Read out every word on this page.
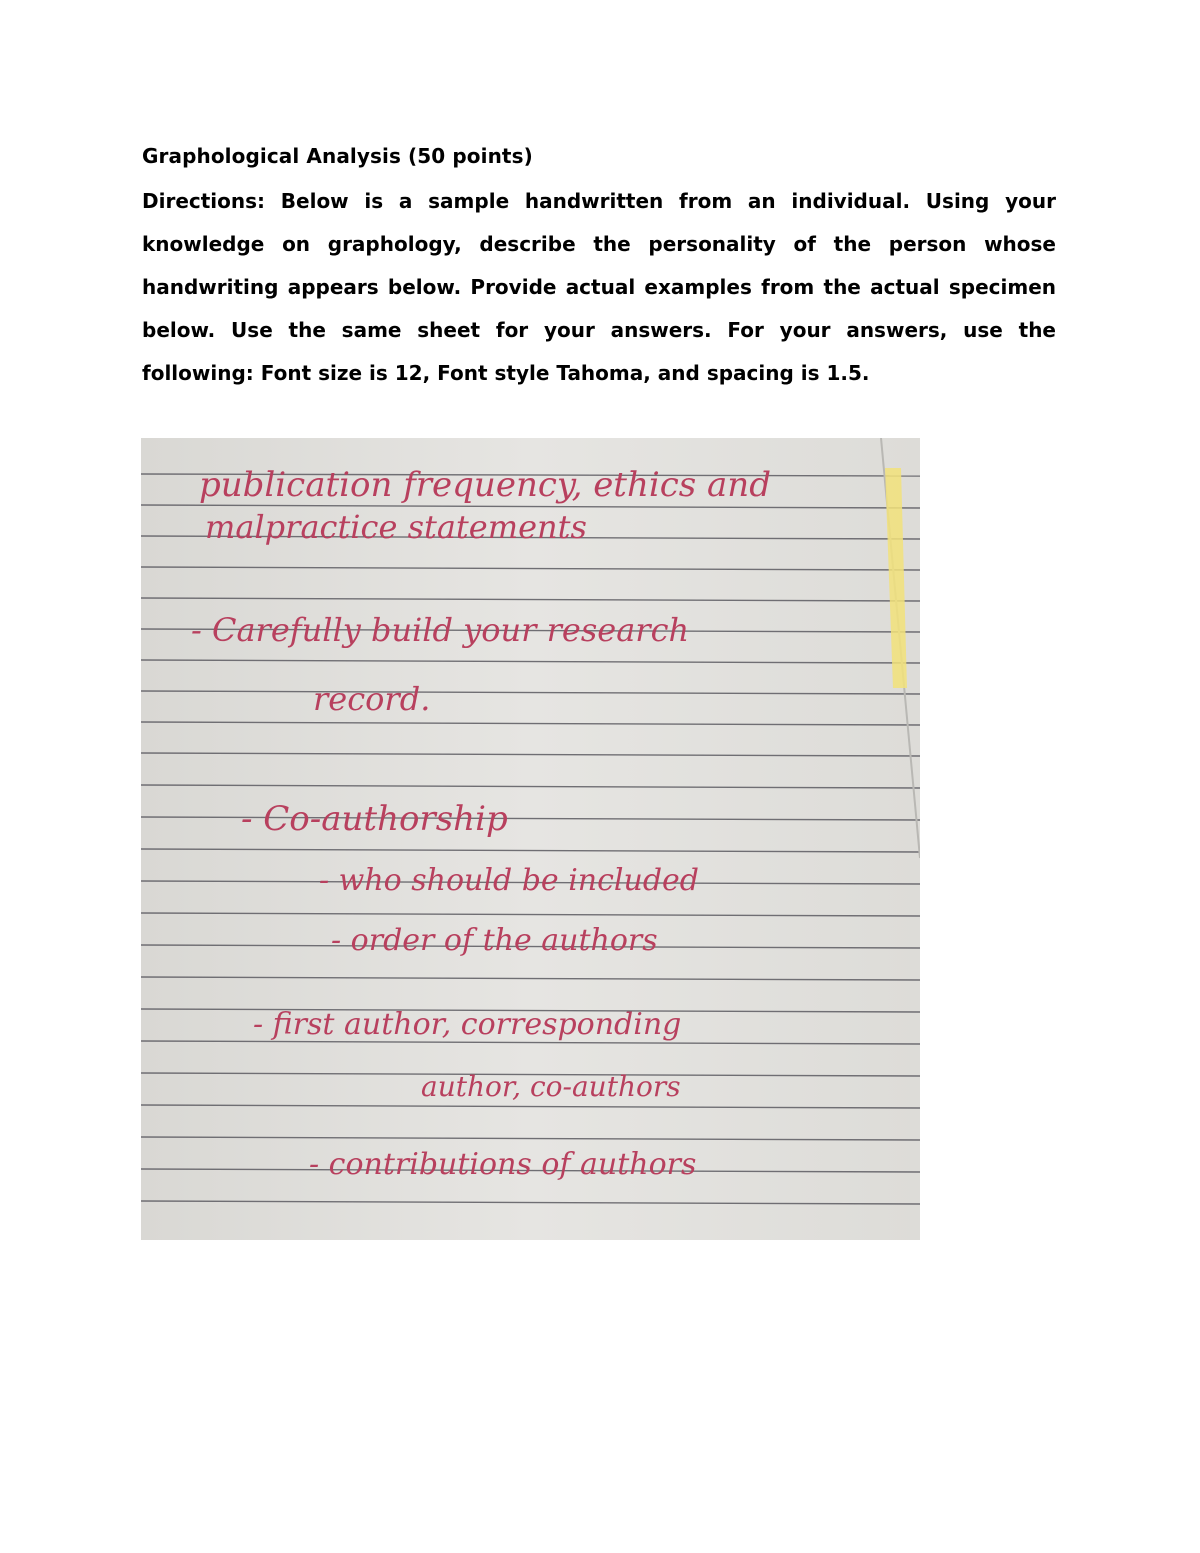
Graphological Analysis (50 points)

Directions: Below is a sample handwritten from an individual. Using your knowledge on graphology, describe the personality of the person whose handwriting appears below. Provide actual examples from the actual specimen below. Use the same sheet for your answers. For your answers, use the following: Font size is 12, Font style Tahoma, and spacing is 1.5.

publication frequency, ethics and
malpractice statements
- Carefully build your research
record.
- Co-authorship
- who should be included
- order of the authors
- first author, corresponding
author, co-authors
- contributions of authors
